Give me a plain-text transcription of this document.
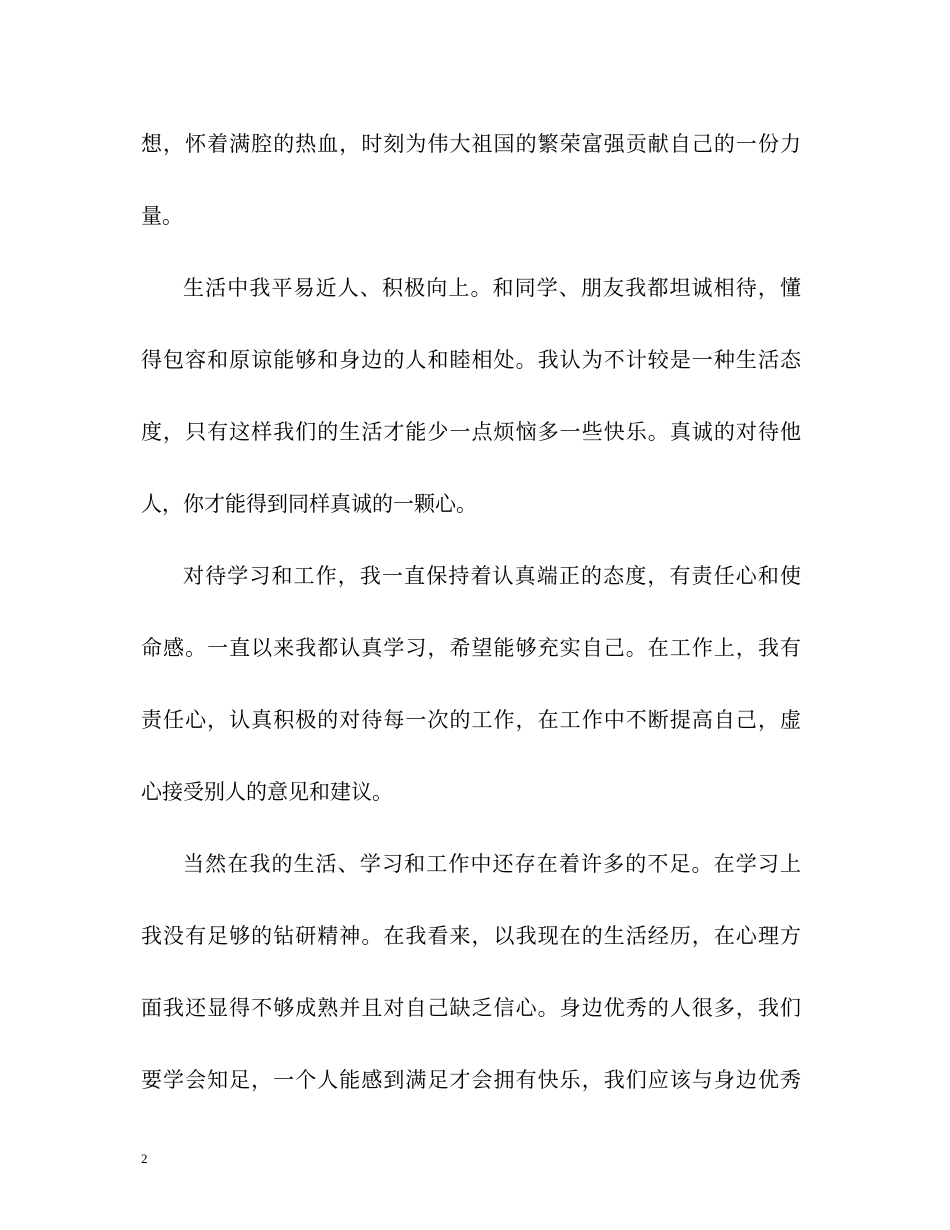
想，怀着满腔的热血，时刻为伟大祖国的繁荣富强贡献自己的一份力
量。
生活中我平易近人、积极向上。和同学、朋友我都坦诚相待，懂
得包容和原谅能够和身边的人和睦相处。我认为不计较是一种生活态
度，只有这样我们的生活才能少一点烦恼多一些快乐。真诚的对待他
人，你才能得到同样真诚的一颗心。
对待学习和工作，我一直保持着认真端正的态度，有责任心和使
命感。一直以来我都认真学习，希望能够充实自己。在工作上，我有
责任心，认真积极的对待每一次的工作，在工作中不断提高自己，虚
心接受别人的意见和建议。
当然在我的生活、学习和工作中还存在着许多的不足。在学习上
我没有足够的钻研精神。在我看来，以我现在的生活经历，在心理方
面我还显得不够成熟并且对自己缺乏信心。身边优秀的人很多，我们
要学会知足，一个人能感到满足才会拥有快乐，我们应该与身边优秀
2
